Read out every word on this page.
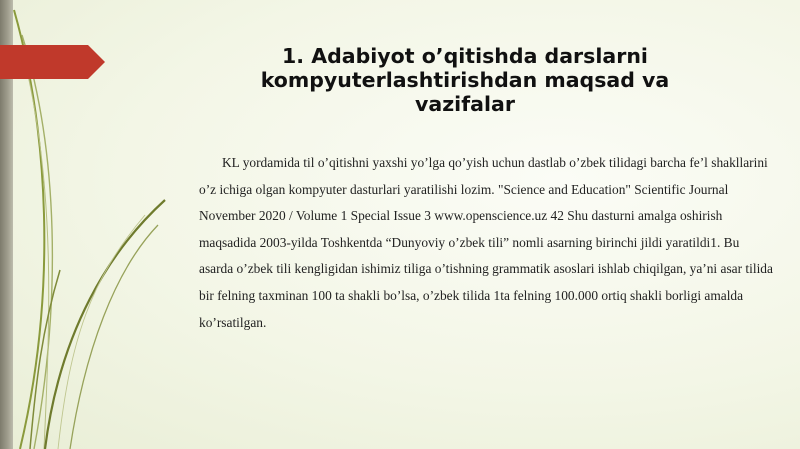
1. Adabiyot o’qitishda darslarni kompyuterlashtirishdan maqsad va vazifalar

KL yordamida til o’qitishni yaxshi yo’lga qo’yish uchun dastlab o’zbek tilidagi barcha fe’l shakllarini o’z ichiga olgan kompyuter dasturlari yaratilishi lozim. "Science and Education" Scientific Journal November 2020 / Volume 1 Special Issue 3 www.openscience.uz 42 Shu dasturni amalga oshirish maqsadida 2003-yilda Toshkentda “Dunyoviy o’zbek tili” nomli asarning birinchi jildi yaratildi1. Bu asarda o’zbek tili kengligidan ishimiz tiliga o’tishning grammatik asoslari ishlab chiqilgan, ya’ni asar tilida bir felning taxminan 100 ta shakli bo’lsa, o’zbek tilida 1ta felning 100.000 ortiq shakli borligi amalda ko’rsatilgan.
